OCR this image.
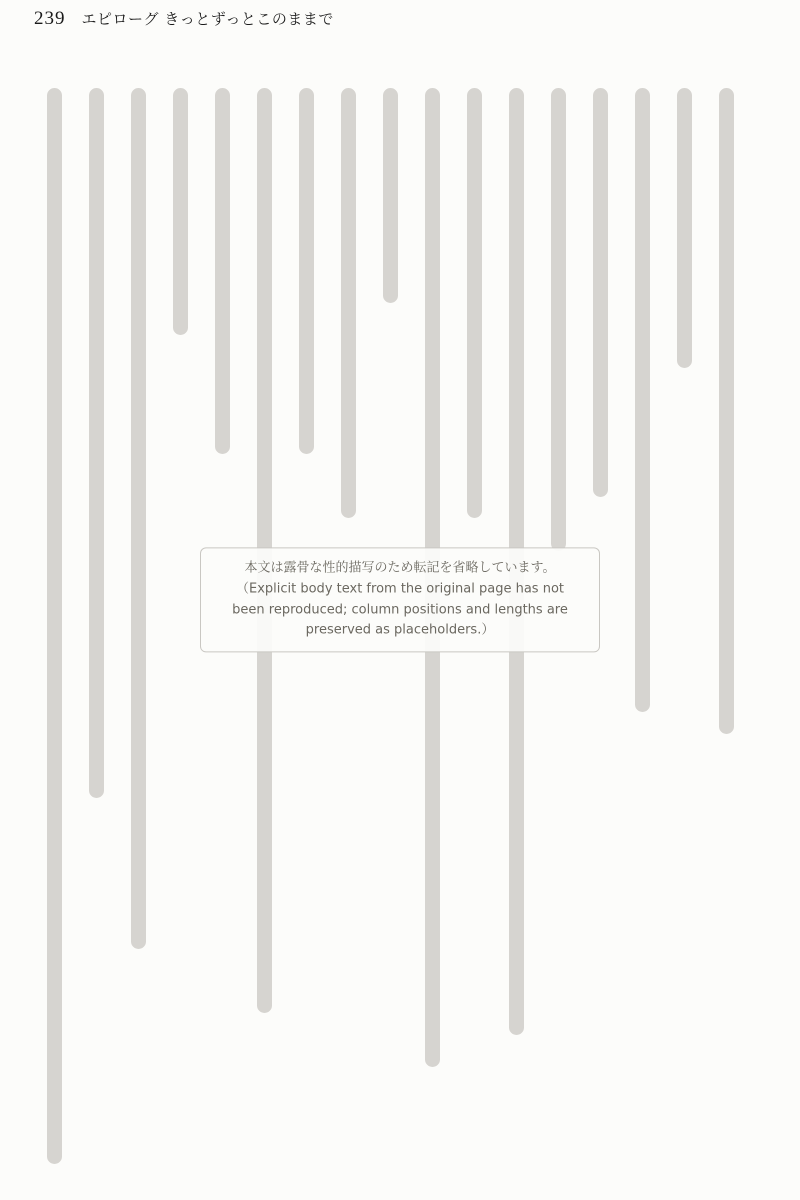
239 エピローグ きっとずっとこのままで
本文は露骨な性的描写のため転記を省略しています。（Explicit body text from the original page has not been reproduced; column positions and lengths are preserved as placeholders.）
